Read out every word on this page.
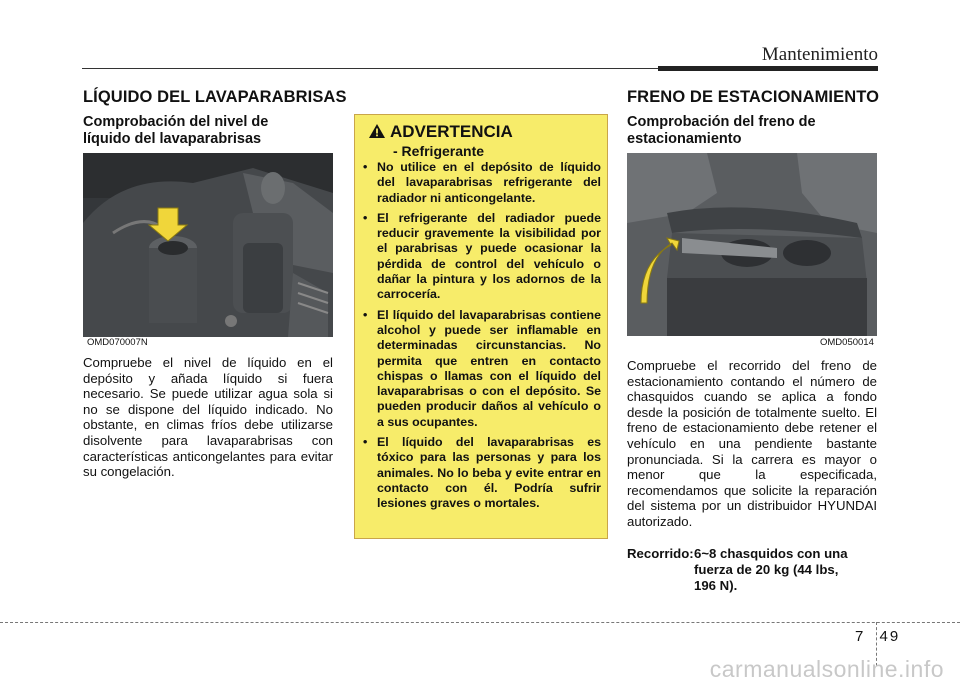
Mantenimiento
LÍQUIDO DEL LAVAPARABRISAS
Comprobación del nivel de
líquido del lavaparabrisas
OMD070007N
Compruebe el nivel de líquido en el depósito y añada líquido si fuera necesario. Se puede utilizar agua sola si no se dispone del líquido indicado. No obstante, en climas fríos debe utilizarse disolvente para lavaparabrisas con características anticongelantes para evitar su congelación.
ADVERTENCIA
- Refrigerante
• No utilice en el depósito de líquido del lavaparabrisas refrigerante del radiador ni anticongelante.
• El refrigerante del radiador puede reducir gravemente la visibilidad por el parabrisas y puede ocasionar la pérdida de control del vehículo o dañar la pintura y los adornos de la carrocería.
• El líquido del lavaparabrisas contiene alcohol y puede ser inflamable en determinadas circunstancias. No permita que entren en contacto chispas o llamas con el líquido del lavaparabrisas o con el depósito. Se pueden producir daños al vehículo o a sus ocupantes.
• El líquido del lavaparabrisas es tóxico para las personas y para los animales. No lo beba y evite entrar en contacto con él. Podría sufrir lesiones graves o mortales.
FRENO DE ESTACIONAMIENTO
Comprobación del freno de
estacionamiento
OMD050014
Compruebe el recorrido del freno de estacionamiento contando el número de chasquidos cuando se aplica a fondo desde la posición de totalmente suelto. El freno de estacionamiento debe retener el vehículo en una pendiente bastante pronunciada. Si la carrera es mayor o menor que la especificada, recomendamos que solicite la reparación del sistema por un distribuidor HYUNDAI autorizado.
Recorrido: 6~8 chasquidos con una
fuerza de 20 kg (44 lbs,
196 N).
7 49
carmanualsonline.info
